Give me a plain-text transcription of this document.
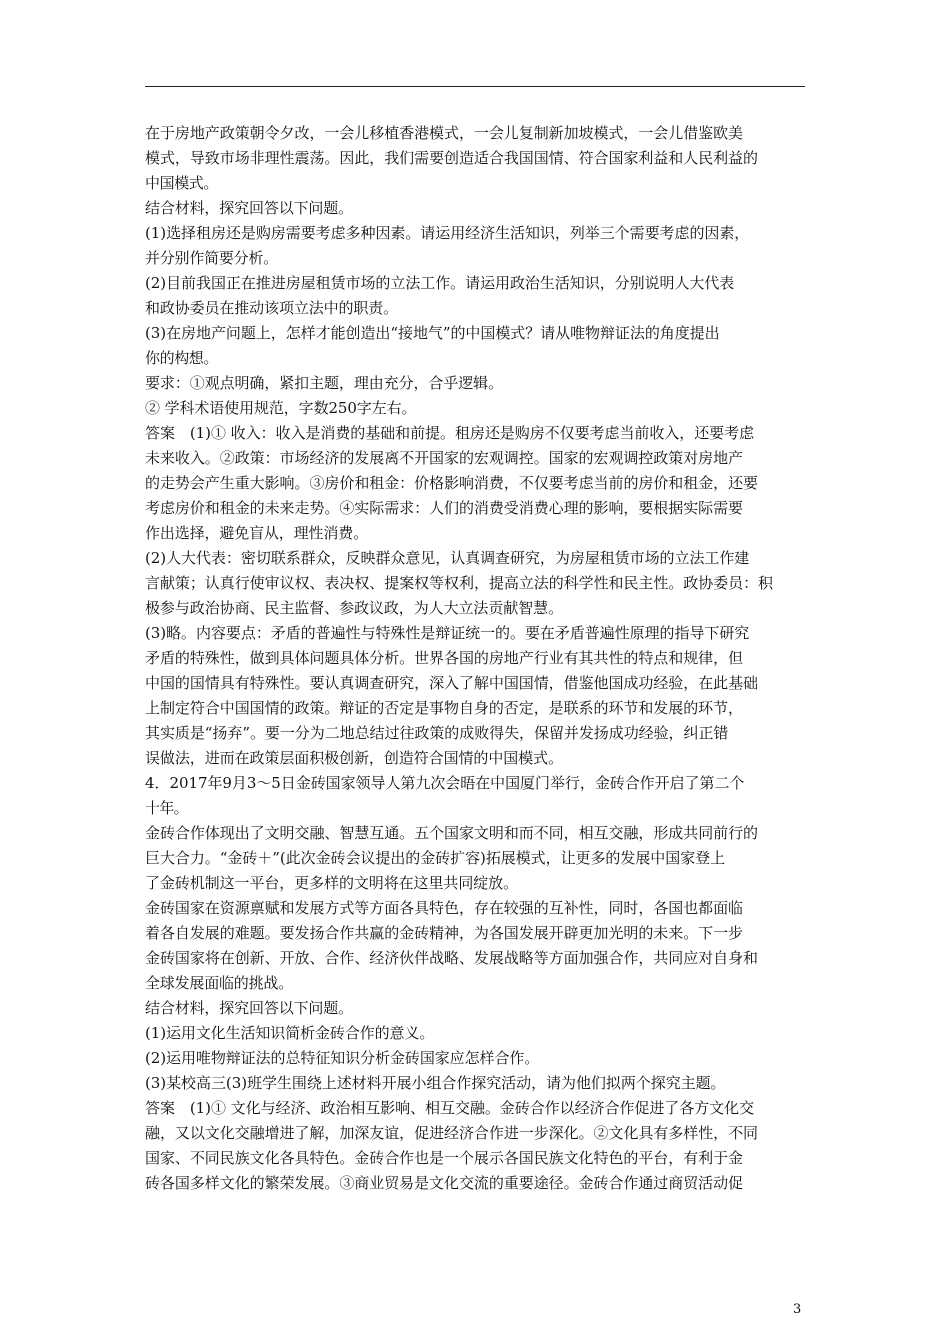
在于房地产政策朝令夕改，一会儿移植香港模式，一会儿复制新加坡模式，一会儿借鉴欧美
模式，导致市场非理性震荡。因此，我们需要创造适合我国国情、符合国家利益和人民利益的
中国模式。
结合材料，探究回答以下问题。
(1)选择租房还是购房需要考虑多种因素。请运用经济生活知识，列举三个需要考虑的因素，
并分别作简要分析。
(2)目前我国正在推进房屋租赁市场的立法工作。请运用政治生活知识，分别说明人大代表
和政协委员在推动该项立法中的职责。
(3)在房地产问题上，怎样才能创造出“接地气”的中国模式？请从唯物辩证法的角度提出
你的构想。
要求：①观点明确，紧扣主题，理由充分，合乎逻辑。
② 学科术语使用规范，字数250字左右。
答案　(1)① 收入：收入是消费的基础和前提。租房还是购房不仅要考虑当前收入，还要考虑
未来收入。②政策：市场经济的发展离不开国家的宏观调控。国家的宏观调控政策对房地产
的走势会产生重大影响。③房价和租金：价格影响消费，不仅要考虑当前的房价和租金，还要
考虑房价和租金的未来走势。④实际需求：人们的消费受消费心理的影响，要根据实际需要
作出选择，避免盲从，理性消费。
(2)人大代表：密切联系群众，反映群众意见，认真调查研究，为房屋租赁市场的立法工作建
言献策；认真行使审议权、表决权、提案权等权利，提高立法的科学性和民主性。政协委员：积
极参与政治协商、民主监督、参政议政，为人大立法贡献智慧。
(3)略。内容要点：矛盾的普遍性与特殊性是辩证统一的。要在矛盾普遍性原理的指导下研究
矛盾的特殊性，做到具体问题具体分析。世界各国的房地产行业有其共性的特点和规律，但
中国的国情具有特殊性。要认真调查研究，深入了解中国国情，借鉴他国成功经验，在此基础
上制定符合中国国情的政策。辩证的否定是事物自身的否定，是联系的环节和发展的环节，
其实质是“扬弃”。要一分为二地总结过往政策的成败得失，保留并发扬成功经验，纠正错
误做法，进而在政策层面积极创新，创造符合国情的中国模式。
4．2017年9月3～5日金砖国家领导人第九次会晤在中国厦门举行，金砖合作开启了第二个
十年。
金砖合作体现出了文明交融、智慧互通。五个国家文明和而不同，相互交融，形成共同前行的
巨大合力。“金砖＋”(此次金砖会议提出的金砖扩容)拓展模式，让更多的发展中国家登上
了金砖机制这一平台，更多样的文明将在这里共同绽放。
金砖国家在资源禀赋和发展方式等方面各具特色，存在较强的互补性，同时，各国也都面临
着各自发展的难题。要发扬合作共赢的金砖精神，为各国发展开辟更加光明的未来。下一步
金砖国家将在创新、开放、合作、经济伙伴战略、发展战略等方面加强合作，共同应对自身和
全球发展面临的挑战。
结合材料，探究回答以下问题。
(1)运用文化生活知识简析金砖合作的意义。
(2)运用唯物辩证法的总特征知识分析金砖国家应怎样合作。
(3)某校高三(3)班学生围绕上述材料开展小组合作探究活动，请为他们拟两个探究主题。
答案　(1)① 文化与经济、政治相互影响、相互交融。金砖合作以经济合作促进了各方文化交
融，又以文化交融增进了解，加深友谊，促进经济合作进一步深化。②文化具有多样性，不同
国家、不同民族文化各具特色。金砖合作也是一个展示各国民族文化特色的平台，有利于金
砖各国多样文化的繁荣发展。③商业贸易是文化交流的重要途径。金砖合作通过商贸活动促
3
